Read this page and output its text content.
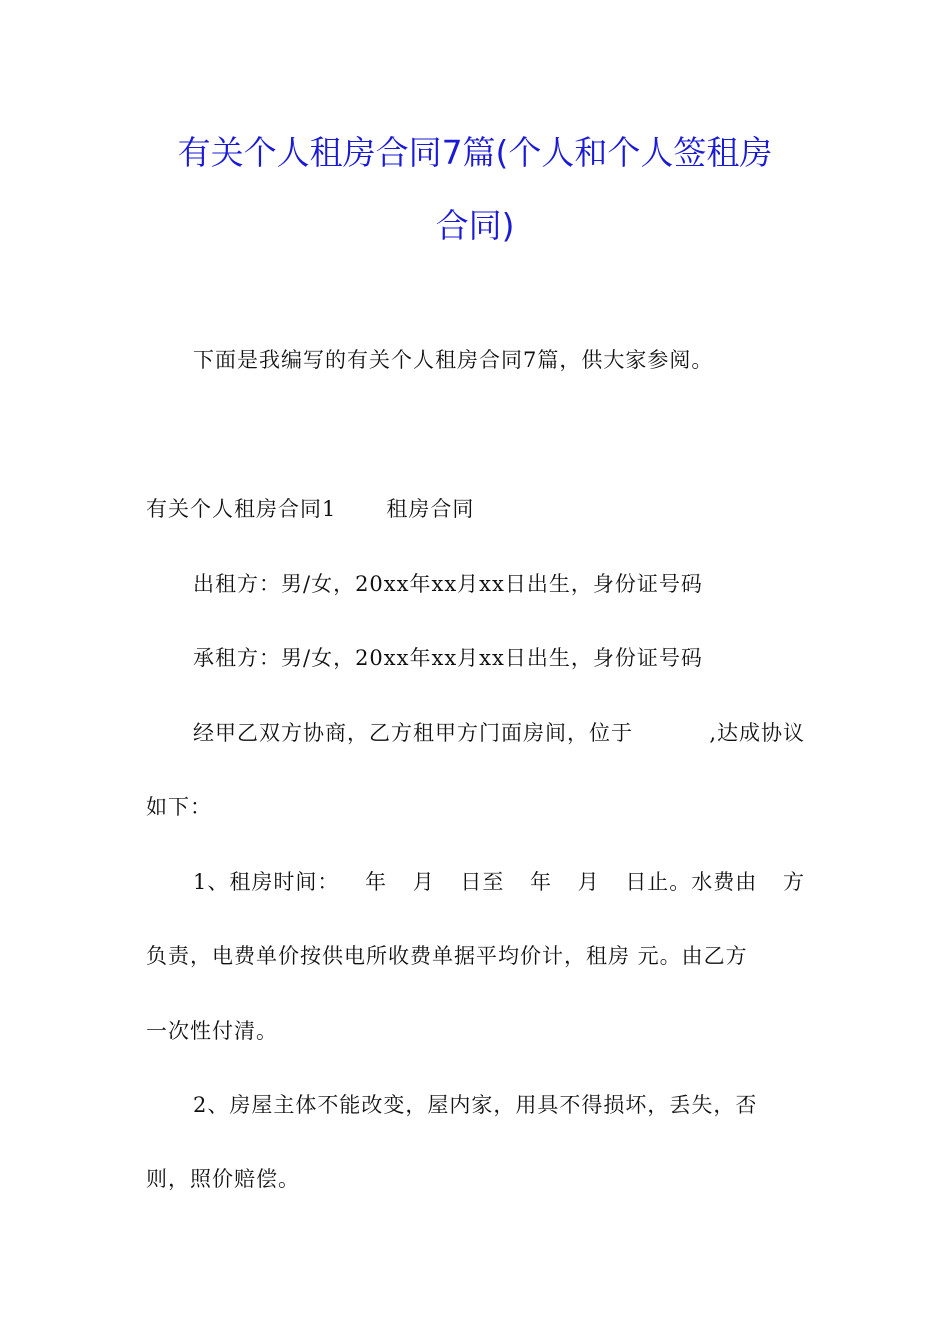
有关个人租房合同7篇(个人和个人签租房
合同)
下面是我编写的有关个人租房合同7篇，供大家参阅。
有关个人租房合同1 租房合同
出租方：男/女，20xx年xx月xx日出生，身份证号码
承租方：男/女，20xx年xx月xx日出生，身份证号码
经甲乙双方协商，乙方租甲方门面房间，位于	,达成协议
如下：
1、租房时间： 年 月 日至 年 月 日止。水费由 方
负责，电费单价按供电所收费单据平均价计，租房 元。由乙方
一次性付清。
2、房屋主体不能改变，屋内家，用具不得损坏，丢失，否
则，照价赔偿。
